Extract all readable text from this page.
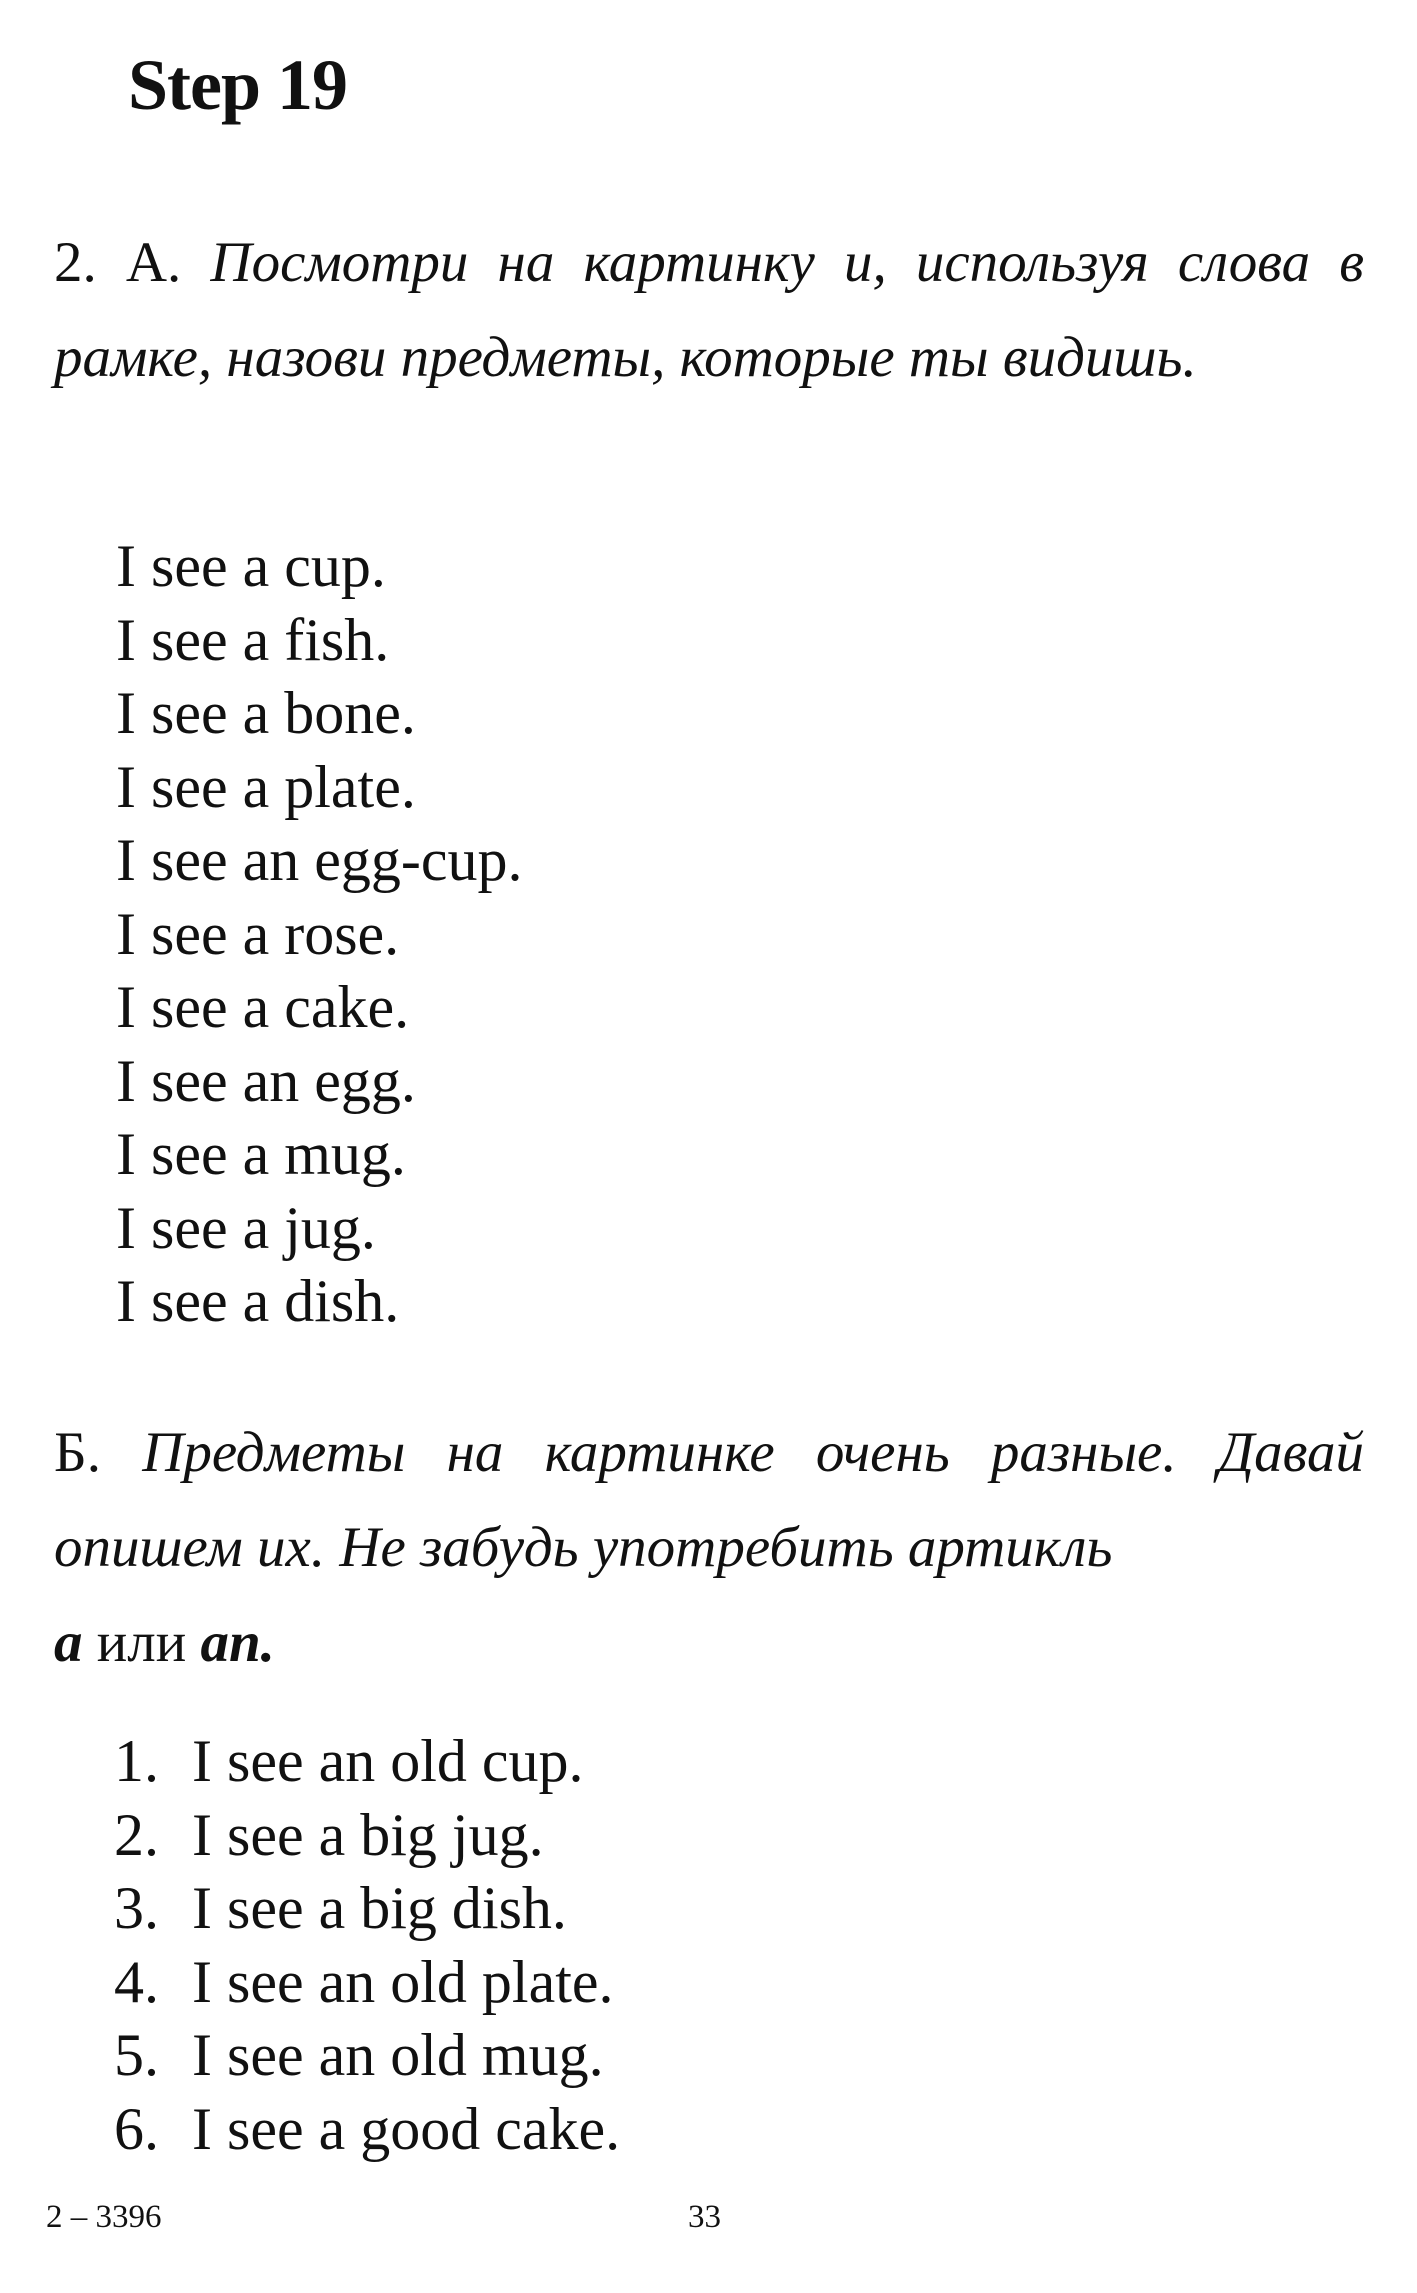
Step 19
2. А. Посмотри на картинку и, используя слова в рамке, назови предметы, которые ты видишь.
I see a cup.
I see a fish.
I see a bone.
I see a plate.
I see an egg-cup.
I see a rose.
I see a cake.
I see an egg.
I see a mug.
I see a jug.
I see a dish.
Б. Предметы на картинке очень разные. Давай опишем их. Не забудь употребить артикль
a или an.
1. I see an old cup.
2. I see a big jug.
3. I see a big dish.
4. I see an old plate.
5. I see an old mug.
6. I see a good cake.
2 – 3396	33
